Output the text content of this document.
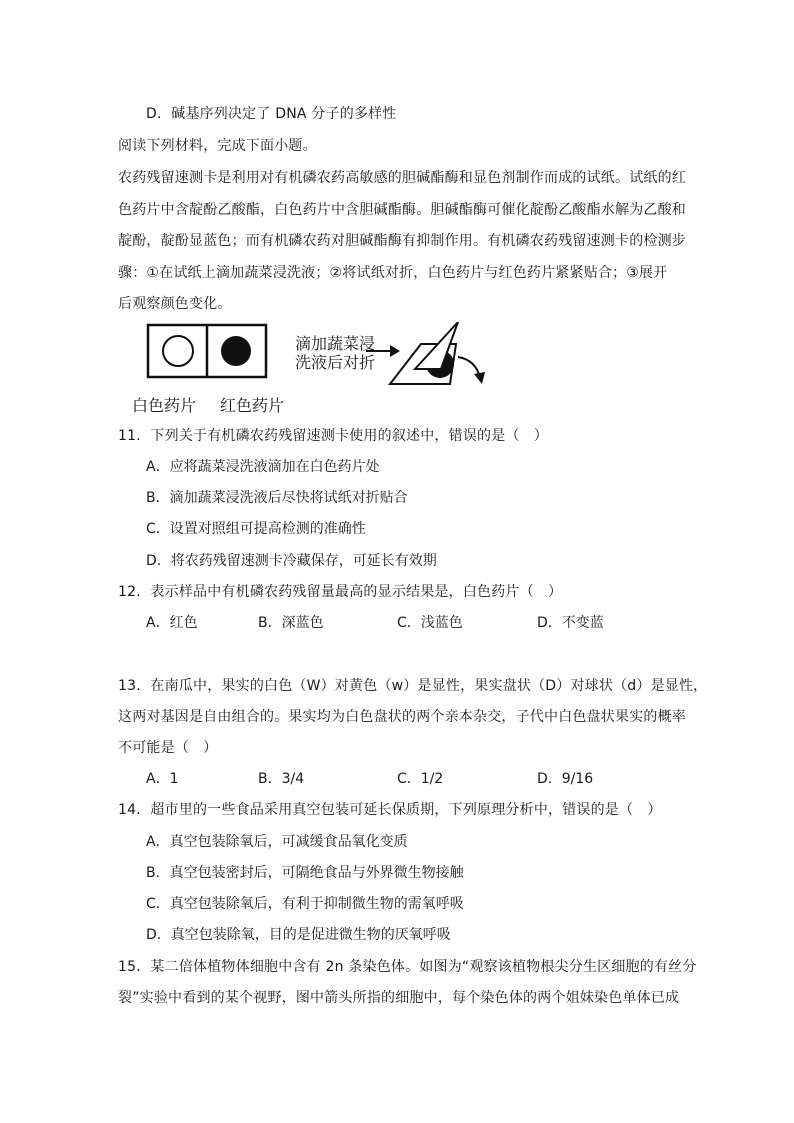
D．碱基序列决定了 DNA 分子的多样性
阅读下列材料，完成下面小题。
农药残留速测卡是利用对有机磷农药高敏感的胆碱酯酶和显色剂制作而成的试纸。试纸的红
色药片中含靛酚乙酸酯，白色药片中含胆碱酯酶。胆碱酯酶可催化靛酚乙酸酯水解为乙酸和
靛酚，靛酚显蓝色；而有机磷农药对胆碱酯酶有抑制作用。有机磷农药残留速测卡的检测步
骤：①在试纸上滴加蔬菜浸洗液；②将试纸对折，白色药片与红色药片紧紧贴合；③展开
后观察颜色变化。
滴加蔬菜浸
洗液后对折
白色药片 红色药片
11．下列关于有机磷农药残留速测卡使用的叙述中，错误的是（　）
A．应将蔬菜浸洗液滴加在白色药片处
B．滴加蔬菜浸洗液后尽快将试纸对折贴合
C．设置对照组可提高检测的准确性
D．将农药残留速测卡冷藏保存，可延长有效期
12．表示样品中有机磷农药残留量最高的显示结果是，白色药片（　）
A．红色	B．深蓝色	C．浅蓝色	D．不变蓝
13．在南瓜中，果实的白色（W）对黄色（w）是显性，果实盘状（D）对球状（d）是显性，
这两对基因是自由组合的。果实均为白色盘状的两个亲本杂交，子代中白色盘状果实的概率
不可能是（　）
A．1	B．3/4	C．1/2	D．9/16
14．超市里的一些食品采用真空包装可延长保质期，下列原理分析中，错误的是（　）
A．真空包装除氧后，可减缓食品氧化变质
B．真空包装密封后，可隔绝食品与外界微生物接触
C．真空包装除氧后，有利于抑制微生物的需氧呼吸
D．真空包装除氧，目的是促进微生物的厌氧呼吸
15．某二倍体植物体细胞中含有 2n 条染色体。如图为“观察该植物根尖分生区细胞的有丝分
裂”实验中看到的某个视野，图中箭头所指的细胞中，每个染色体的两个姐妹染色单体已成
